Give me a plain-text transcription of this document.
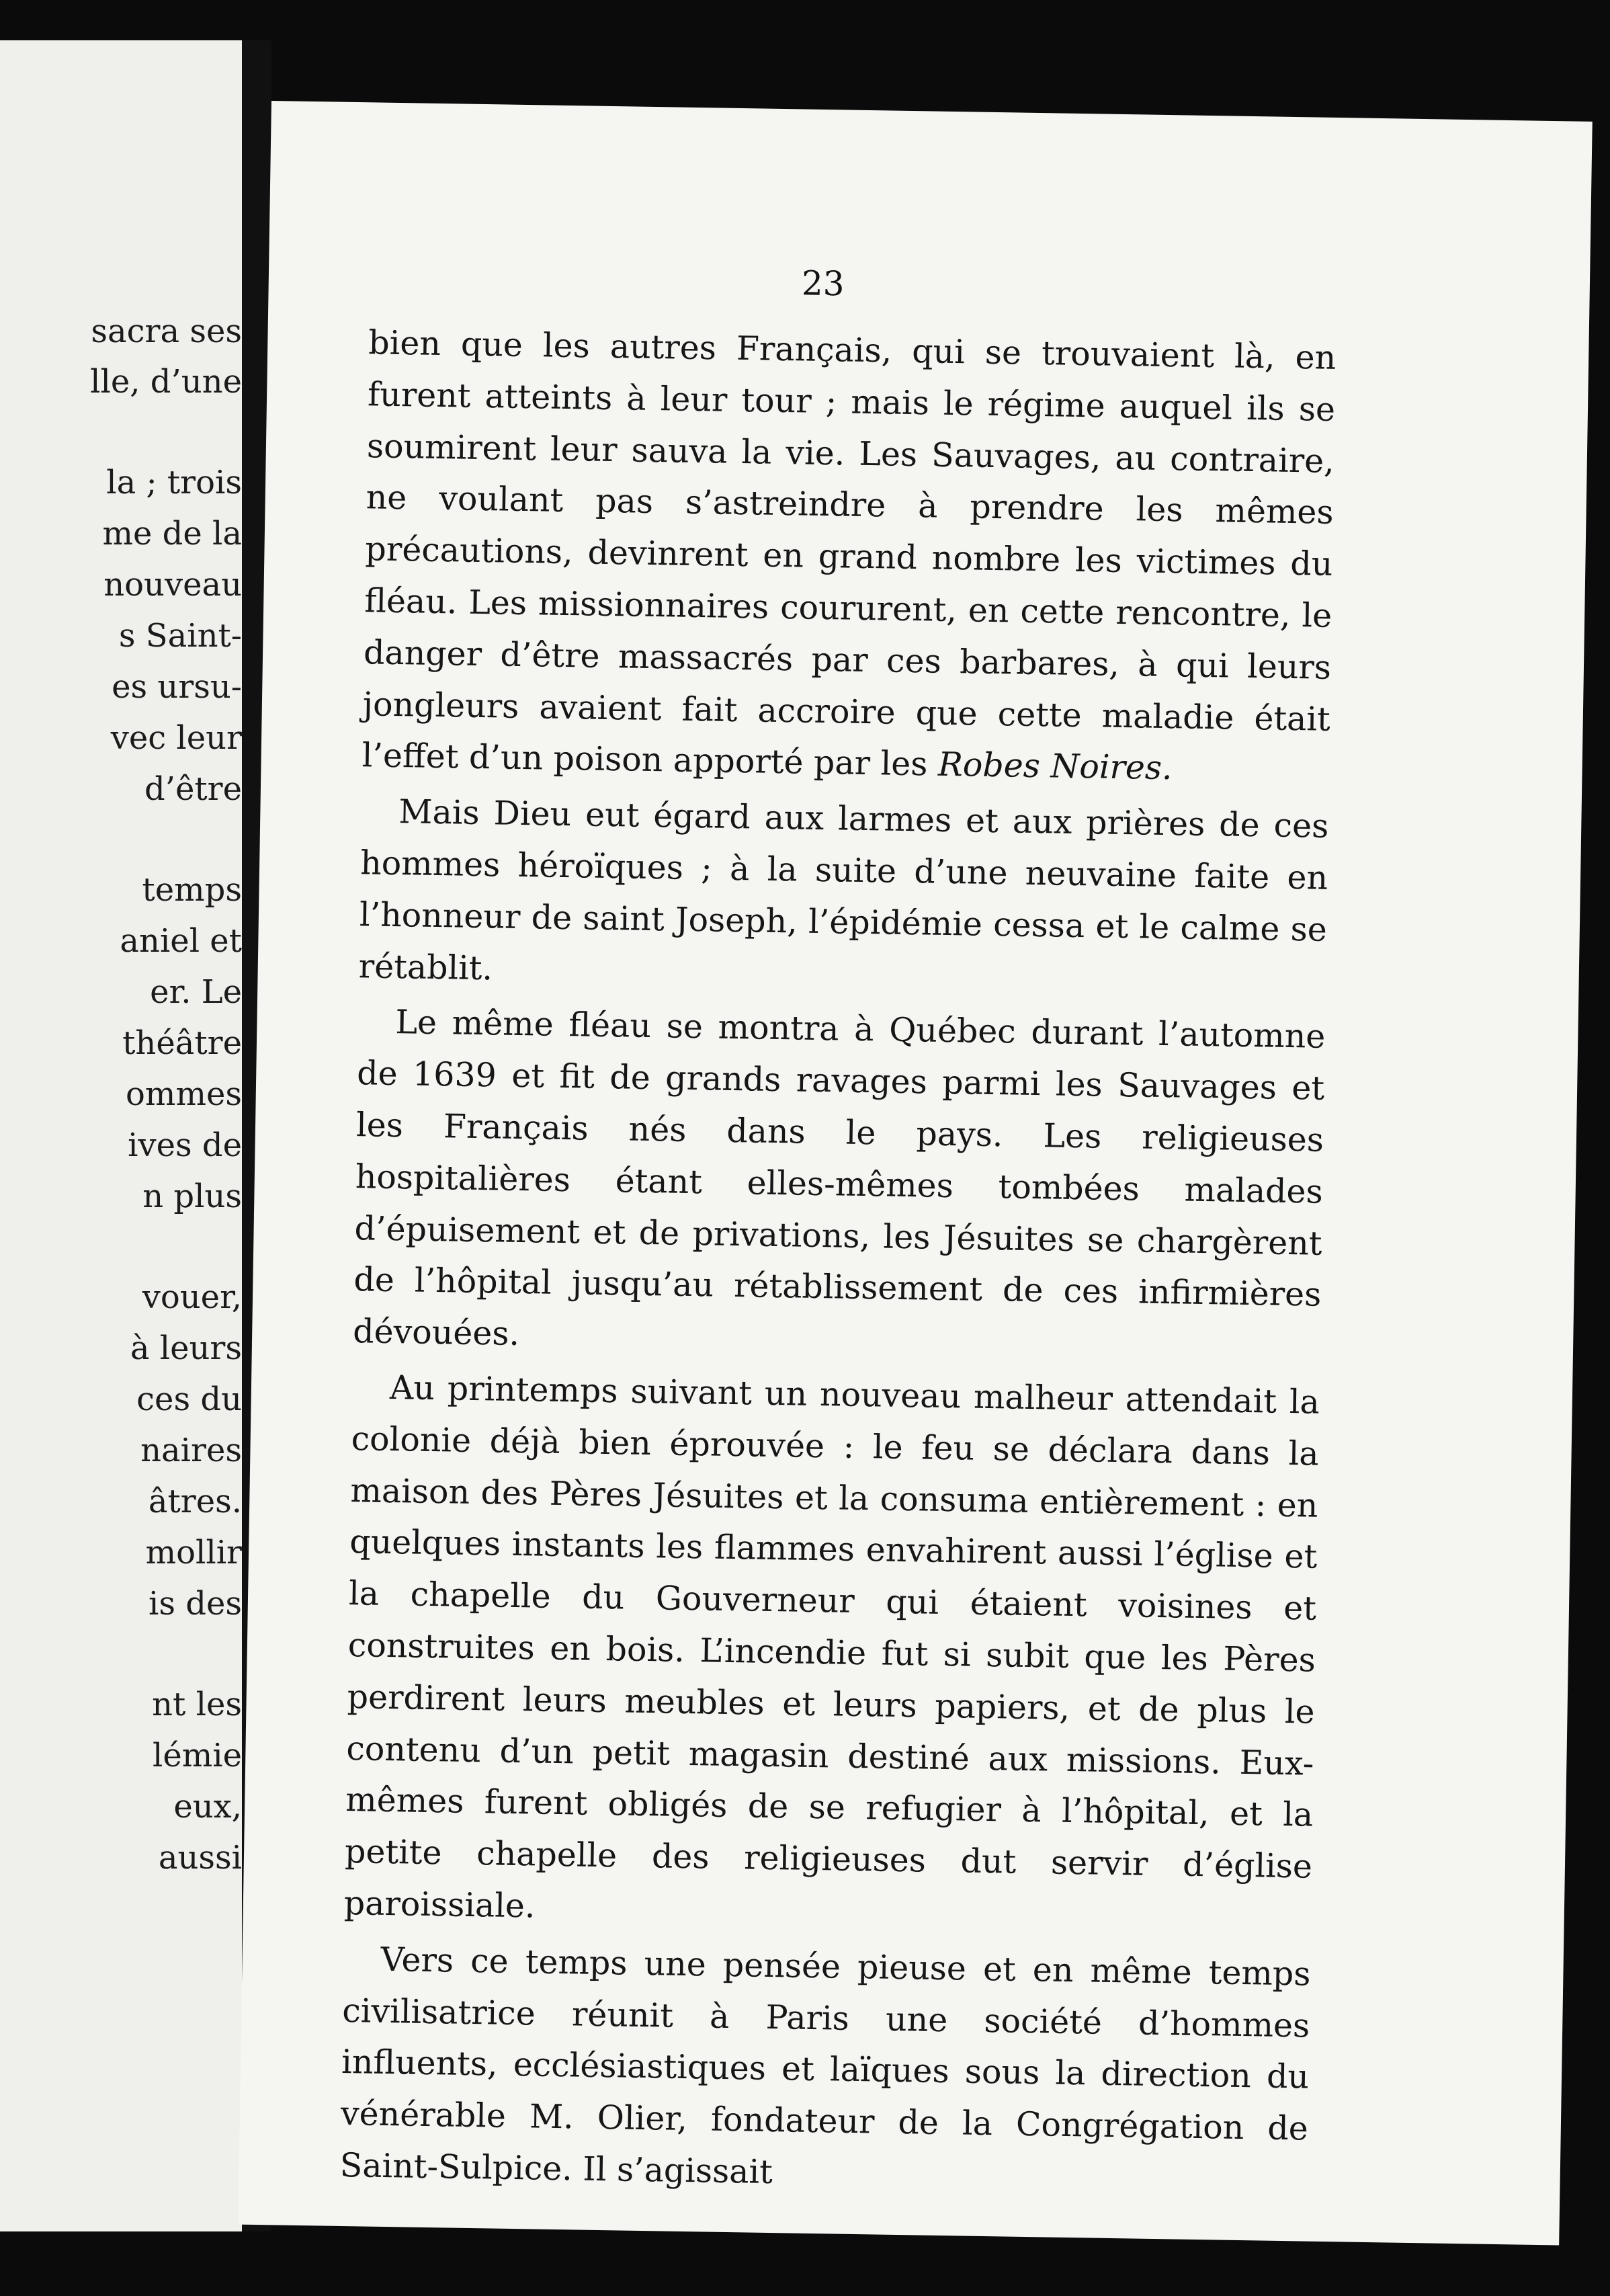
sacra ses
lle, d’une
la ; trois
me de la
nouveau
s Saint-
es ursu-
vec leur
d’être
temps
aniel et
er. Le
théâtre
ommes
ives de
n plus
vouer,
à leurs
ces du
naires
âtres.
mollir
is des
nt les
lémie
eux,
aussi
23

bien que les autres Français, qui se trouvaient là, en furent atteints à leur tour ; mais le régime auquel ils se soumirent leur sauva la vie. Les Sauvages, au contraire, ne voulant pas s’astreindre à prendre les mêmes précautions, devinrent en grand nombre les victimes du fléau. Les missionnaires coururent, en cette rencontre, le danger d’être massacrés par ces barbares, à qui leurs jongleurs avaient fait accroire que cette maladie était l’effet d’un poison apporté par les Robes Noires.

Mais Dieu eut égard aux larmes et aux prières de ces hommes héroïques ; à la suite d’une neuvaine faite en l’honneur de saint Joseph, l’épidémie cessa et le calme se rétablit.

Le même fléau se montra à Québec durant l’automne de 1639 et fit de grands ravages parmi les Sauvages et les Français nés dans le pays. Les religieuses hospitalières étant elles-mêmes tombées malades d’épuisement et de privations, les Jésuites se chargèrent de l’hôpital jusqu’au rétablissement de ces infirmières dévouées.

Au printemps suivant un nouveau malheur attendait la colonie déjà bien éprouvée : le feu se déclara dans la maison des Pères Jésuites et la consuma entièrement : en quelques instants les flammes envahirent aussi l’église et la chapelle du Gouverneur qui étaient voisines et construites en bois. L’incendie fut si subit que les Pères perdirent leurs meubles et leurs papiers, et de plus le contenu d’un petit magasin destiné aux missions. Eux-mêmes furent obligés de se refugier à l’hôpital, et la petite chapelle des religieuses dut servir d’église paroissiale.

Vers ce temps une pensée pieuse et en même temps civilisatrice réunit à Paris une société d’hommes influents, ecclésiastiques et laïques sous la direction du vénérable M. Olier, fondateur de la Congrégation de Saint-Sulpice. Il s’agissait
